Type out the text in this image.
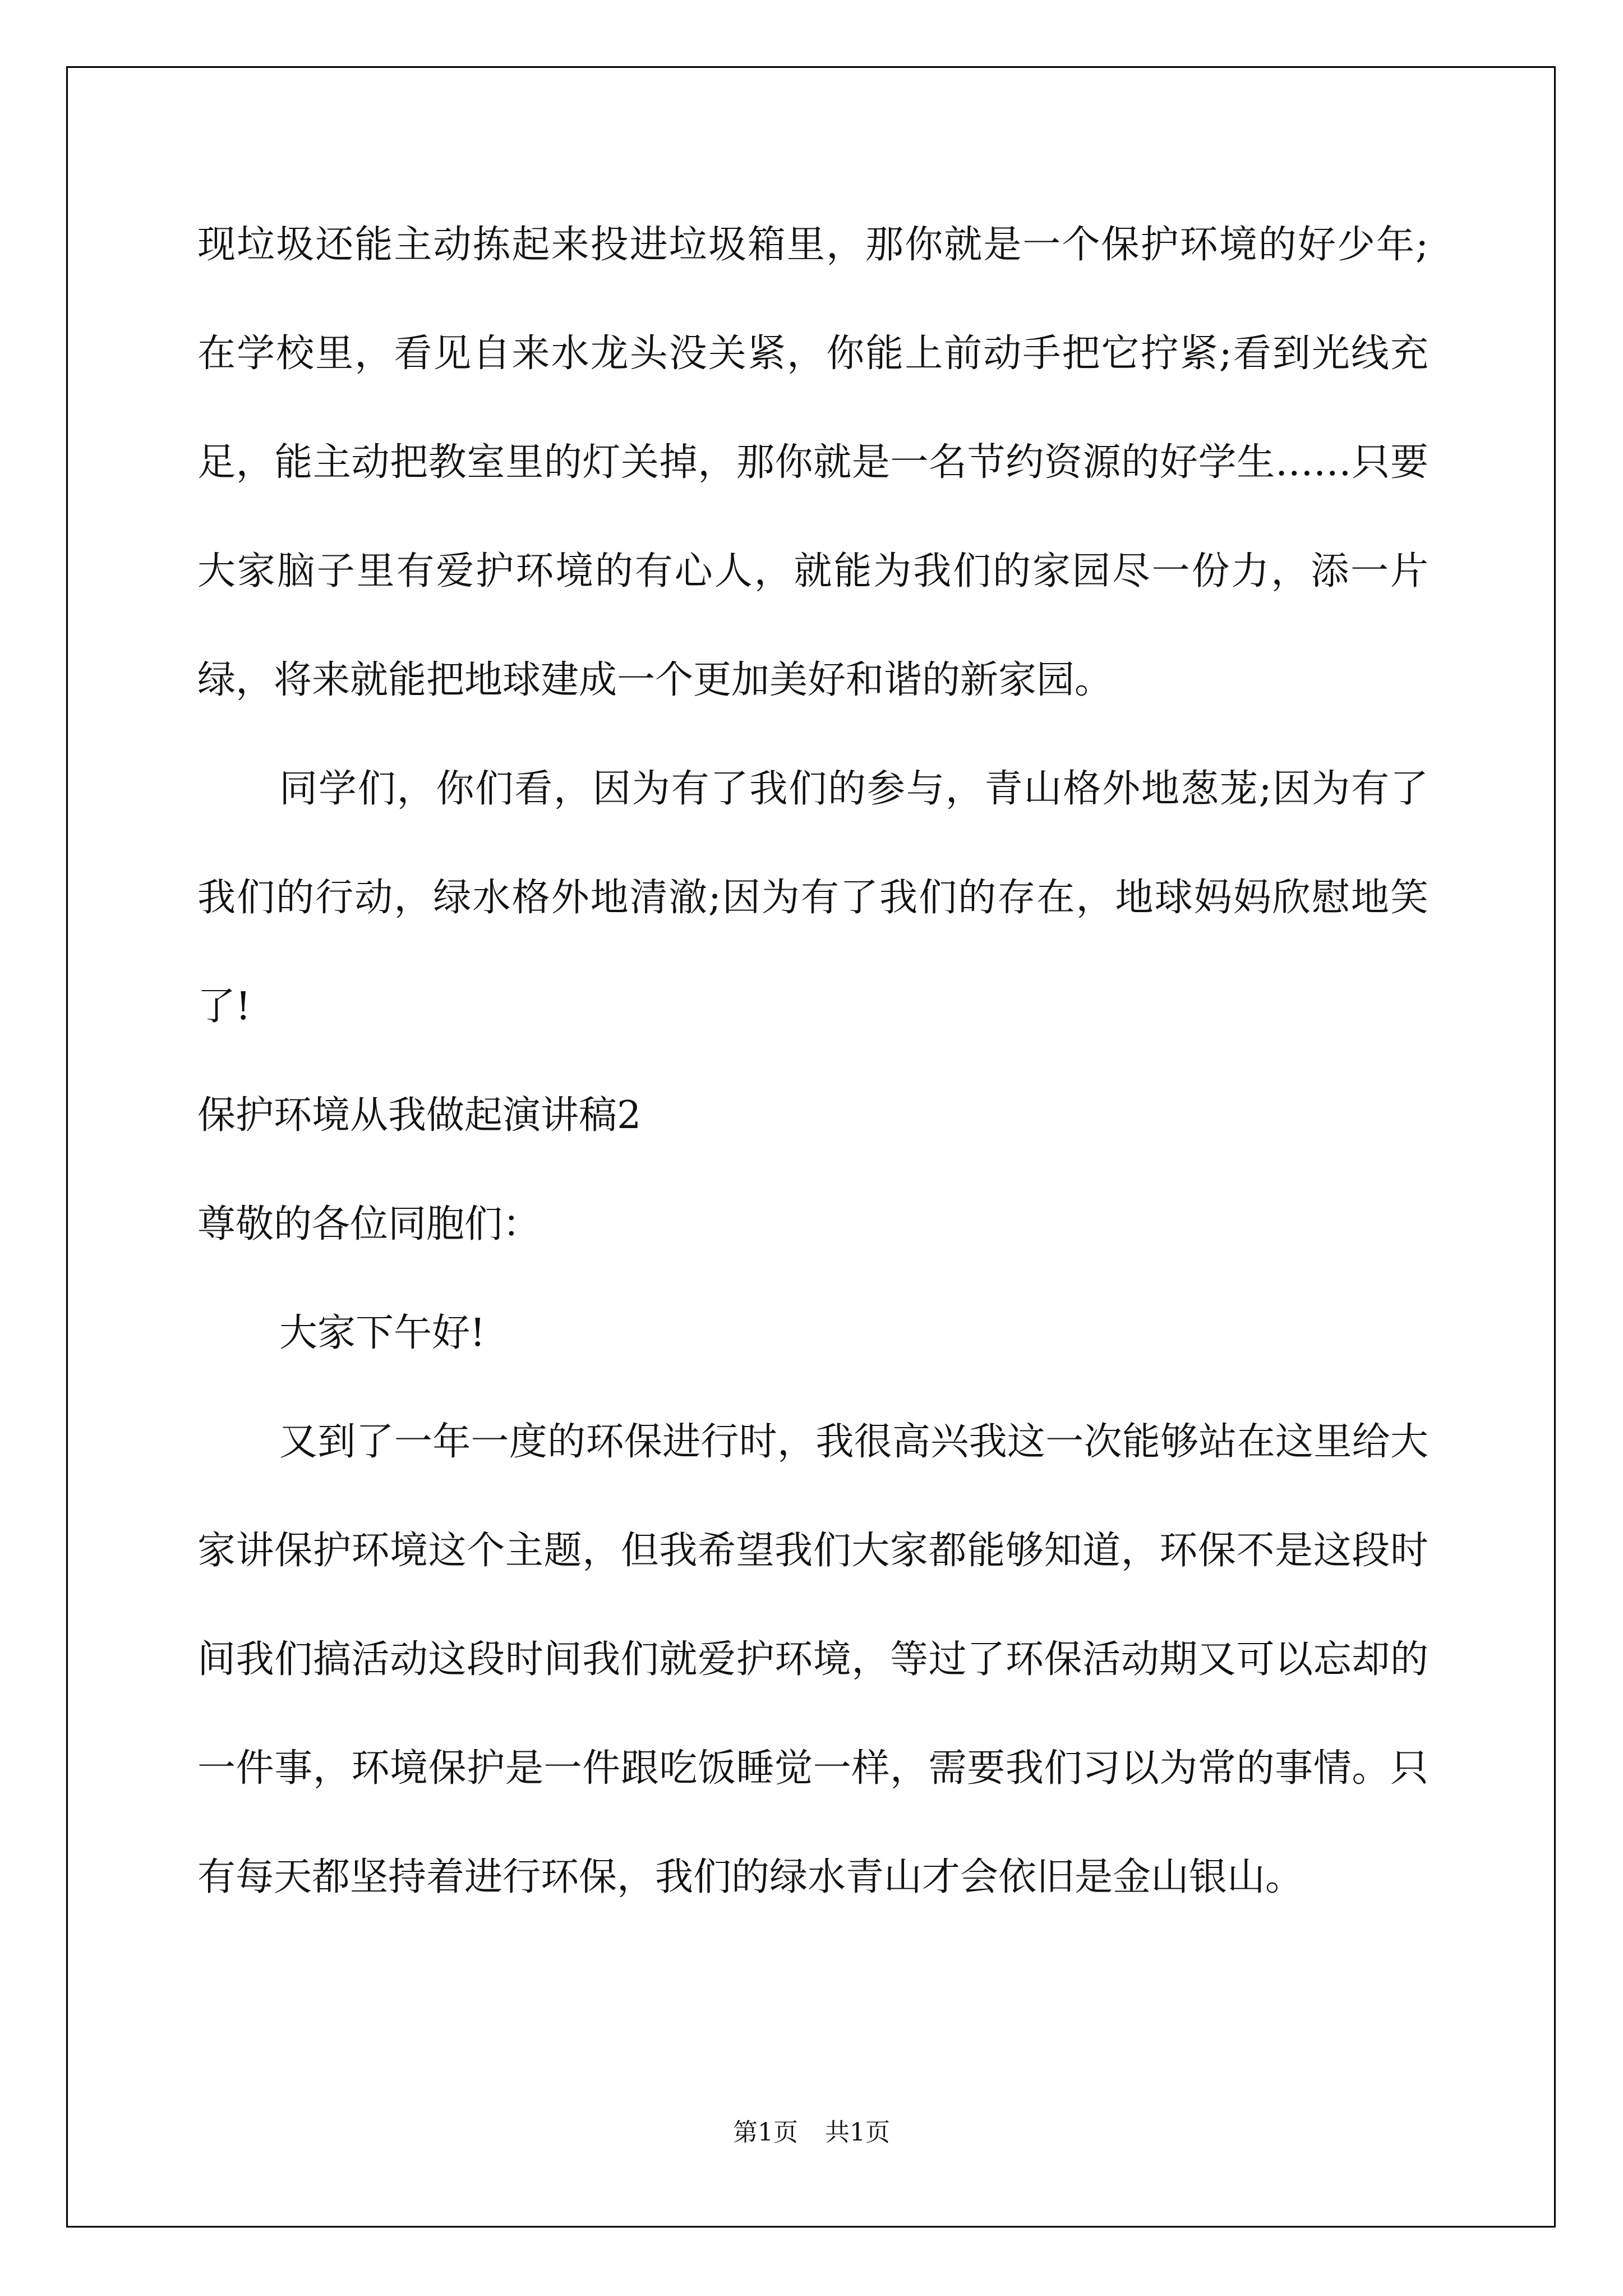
现垃圾还能主动拣起来投进垃圾箱里，那你就是一个保护环境的好少年;在学校里，看见自来水龙头没关紧，你能上前动手把它拧紧;看到光线充足，能主动把教室里的灯关掉，那你就是一名节约资源的好学生……只要大家脑子里有爱护环境的有心人，就能为我们的家园尽一份力，添一片绿，将来就能把地球建成一个更加美好和谐的新家园。

同学们，你们看，因为有了我们的参与，青山格外地葱茏;因为有了我们的行动，绿水格外地清澈;因为有了我们的存在，地球妈妈欣慰地笑了!

保护环境从我做起演讲稿2

尊敬的各位同胞们：

大家下午好!

又到了一年一度的环保进行时，我很高兴我这一次能够站在这里给大家讲保护环境这个主题，但我希望我们大家都能够知道，环保不是这段时间我们搞活动这段时间我们就爱护环境，等过了环保活动期又可以忘却的一件事，环境保护是一件跟吃饭睡觉一样，需要我们习以为常的事情。只有每天都坚持着进行环保，我们的绿水青山才会依旧是金山银山。

第1页 共1页
